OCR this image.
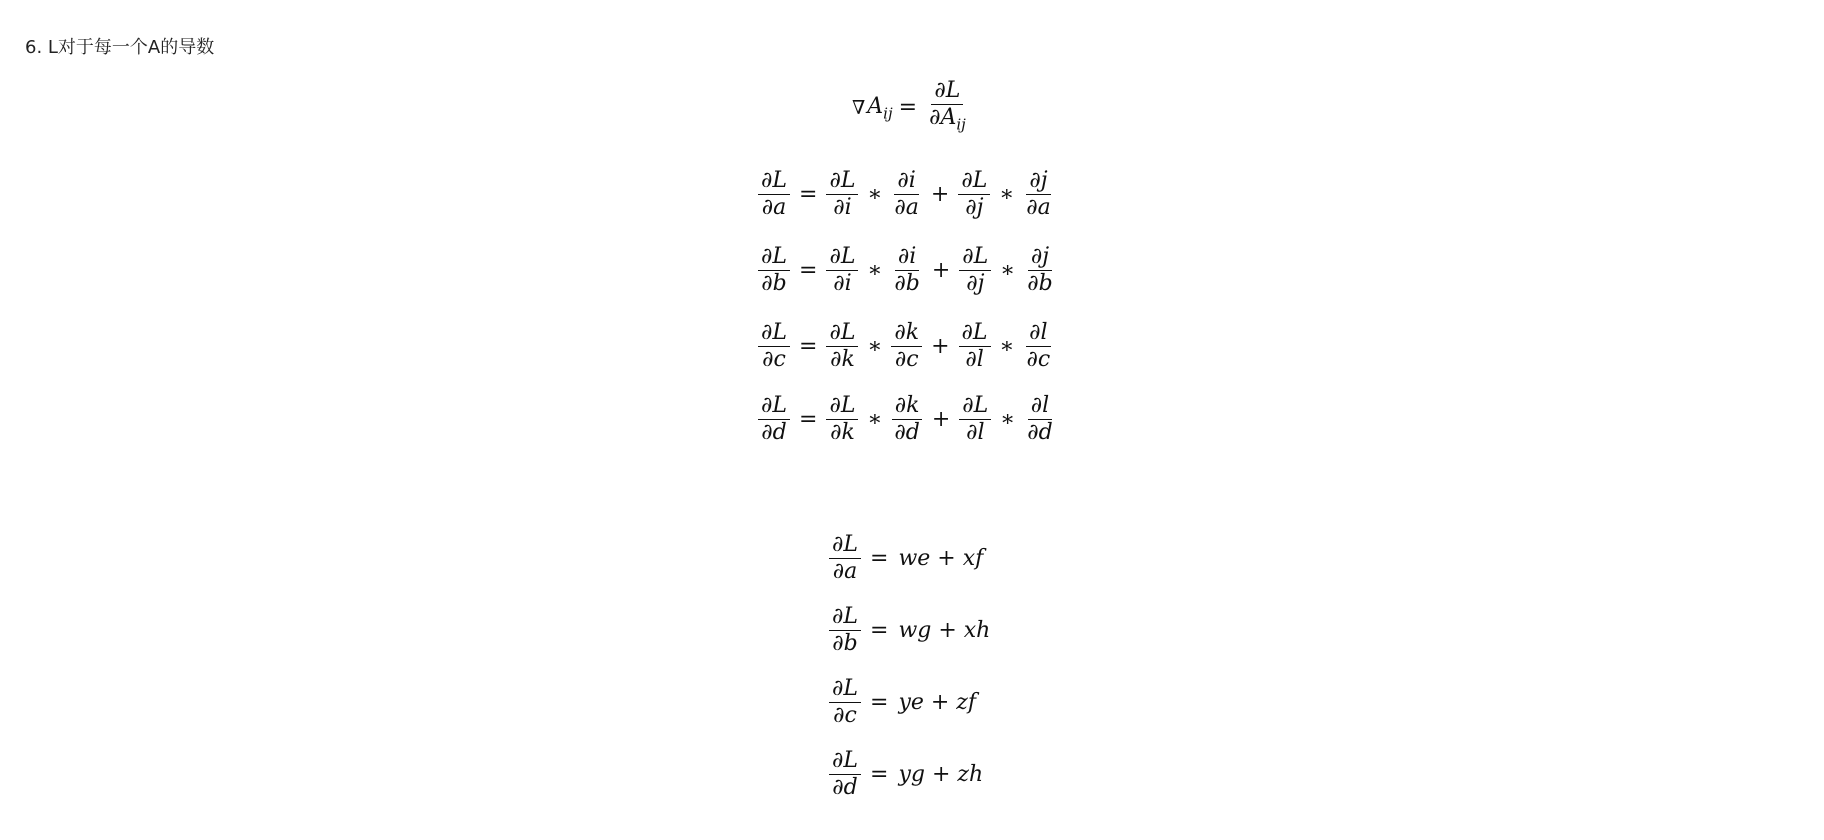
6. L对于每一个A的导数
∇ $A_{ij} = \frac{\partial L}{\partial A_{ij}}$
$\frac{\partial L}{\partial a} = \frac{\partial L}{\partial i}$ ∗ $\frac{\partial i}{\partial a} + \frac{\partial L}{\partial j}$ ∗ $\frac{\partial j}{\partial a}$
$\frac{\partial L}{\partial b} = \frac{\partial L}{\partial i}$ ∗ $\frac{\partial i}{\partial b} + \frac{\partial L}{\partial j}$ ∗ $\frac{\partial j}{\partial b}$
$\frac{\partial L}{\partial c} = \frac{\partial L}{\partial k}$ ∗ $\frac{\partial k}{\partial c} + \frac{\partial L}{\partial l}$ ∗ $\frac{\partial l}{\partial c}$
$\frac{\partial L}{\partial d} = \frac{\partial L}{\partial k}$ ∗ $\frac{\partial k}{\partial d} + \frac{\partial L}{\partial l}$ ∗ $\frac{\partial l}{\partial d}$
$\frac{\partial L}{\partial a}$ = we + xf
$\frac{\partial L}{\partial b}$ = wg + xh
$\frac{\partial L}{\partial c}$ = ye + zf
$\frac{\partial L}{\partial d}$ = yg + zh
